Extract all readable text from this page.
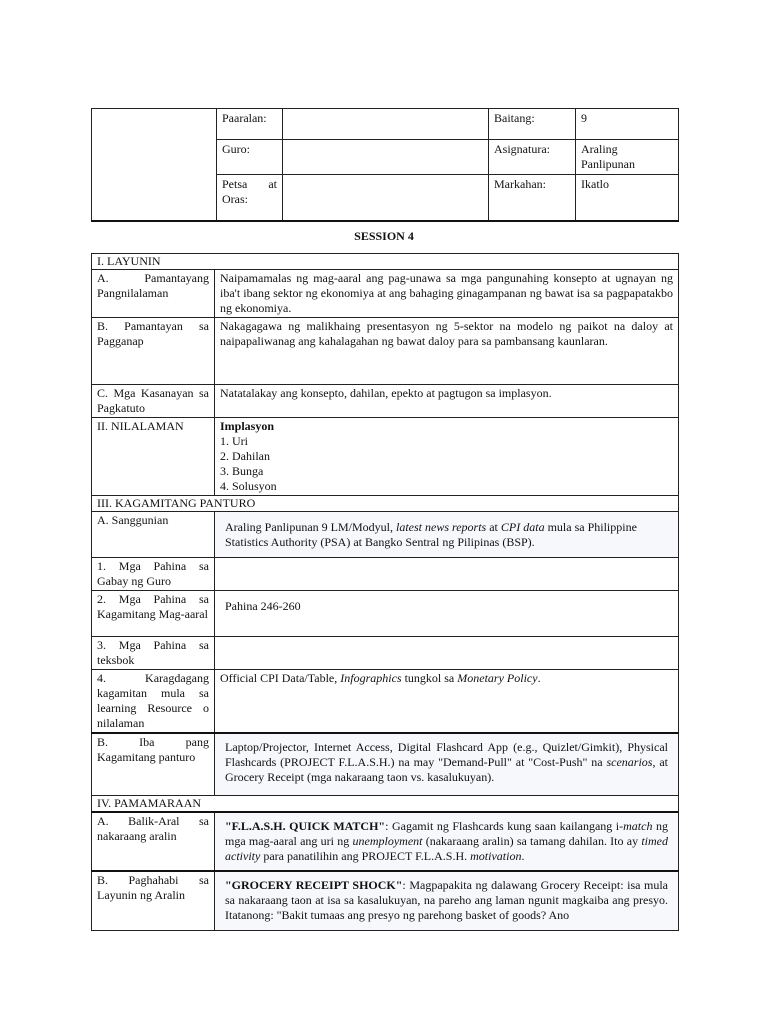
	Paaralan:		Baitang:	9
	Guro:		Asignatura:	Araling Panlipunan
	Petsa at Oras:		Markahan:	Ikatlo
SESSION 4
I. LAYUNIN	
A. Pamantayang Pangnilalaman	Naipamamalas ng mag-aaral ang pag-unawa sa mga pangunahing konsepto at ugnayan ng iba't ibang sektor ng ekonomiya at ang bahaging ginagampanan ng bawat isa sa pagpapatakbo ng ekonomiya.
B. Pamantayan sa Pagganap	Nakagagawa ng malikhaing presentasyon ng 5-sektor na modelo ng paikot na daloy at naipapaliwanag ang kahalagahan ng bawat daloy para sa pambansang kaunlaran.
C. Mga Kasanayan sa Pagkatuto	Natatalakay ang konsepto, dahilan, epekto at pagtugon sa implasyon.
II. NILALAMAN	Implasyon
1. Uri
2. Dahilan
3. Bunga
4. Solusyon

III. KAGAMITANG PANTURO	
A. Sanggunian	Araling Panlipunan 9 LM/Modyul, latest news reports at CPI data mula sa Philippine Statistics Authority (PSA) at Bangko Sentral ng Pilipinas (BSP).
1. Mga Pahina sa Gabay ng Guro	
2. Mga Pahina sa Kagamitang Mag-aaral	Pahina 246-260
3. Mga Pahina sa teksbok	
4. Karagdagang kagamitan mula sa learning Resource o nilalaman	Official CPI Data/Table, Infographics tungkol sa Monetary Policy.
B. Iba pang Kagamitang panturo	Laptop/Projector, Internet Access, Digital Flashcard App (e.g., Quizlet/Gimkit), Physical Flashcards (PROJECT F.L.A.S.H.) na may "Demand-Pull" at "Cost-Push" na scenarios, at Grocery Receipt (mga nakaraang taon vs. kasalukuyan).
IV. PAMAMARAAN	
A. Balik-Aral sa nakaraang aralin	"F.L.A.S.H. QUICK MATCH": Gagamit ng Flashcards kung saan kailangang i-match ng mga mag-aaral ang uri ng unemployment (nakaraang aralin) sa tamang dahilan. Ito ay timed activity para panatilihin ang PROJECT F.L.A.S.H. motivation.
B. Paghahabi sa Layunin ng Aralin	"GROCERY RECEIPT SHOCK": Magpapakita ng dalawang Grocery Receipt: isa mula sa nakaraang taon at isa sa kasalukuyan, na pareho ang laman ngunit magkaiba ang presyo. Itatanong: "Bakit tumaas ang presyo ng parehong basket of goods? Ano
